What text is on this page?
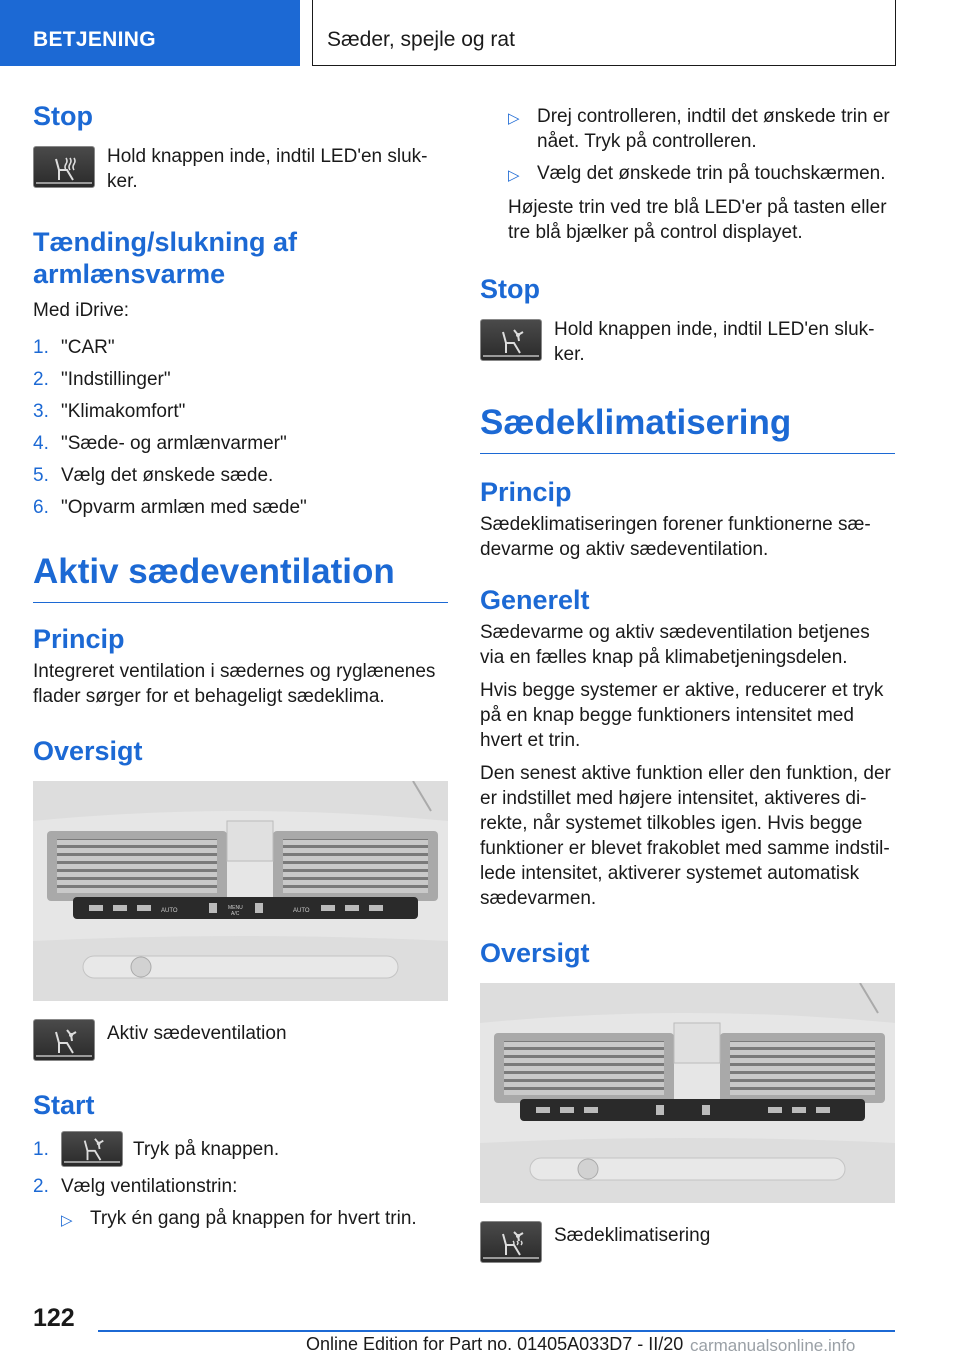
BETJENING	Sæder, spejle og rat
Stop
Hold knappen inde, indtil LED'en sluk-ker.
Tænding/slukning af armlænsvarme
Med iDrive:
1. "CAR"
2. "Indstillinger"
3. "Klimakomfort"
4. "Sæde- og armlænvarmer"
5. Vælg det ønskede sæde.
6. "Opvarm armlæn med sæde"
Aktiv sædeventilation
Princip
Integreret ventilation i sædernes og ryglænenes flader sørger for et behageligt sædeklima.
Oversigt
AUTO	MENU
A/C	AUTO
Aktiv sædeventilation
Start
1.	Tryk på knappen.
2. Vælg ventilationstrin:
▷ Tryk én gang på knappen for hvert trin.
▷ Drej controlleren, indtil det ønskede trin er nået. Tryk på controlleren.
▷ Vælg det ønskede trin på touchskærmen.
Højeste trin ved tre blå LED'er på tasten eller tre blå bjælker på control displayet.
Stop
Hold knappen inde, indtil LED'en sluk-ker.
Sædeklimatisering
Princip
Sædeklimatiseringen forener funktionerne sæ-devarme og aktiv sædeventilation.
Generelt
Sædevarme og aktiv sædeventilation betjenes via en fælles knap på klimabetjeningsdelen.
Hvis begge systemer er aktive, reducerer et tryk på en knap begge funktioners intensitet med hvert et trin.
Den senest aktive funktion eller den funktion, der er indstillet med højere intensitet, aktiveres di-rekte, når systemet tilkobles igen. Hvis begge funktioner er blevet frakoblet med samme indstil-lede intensitet, aktiverer systemet automatisk sædevarmen.
Oversigt
Sædeklimatisering
122
Online Edition for Part no. 01405A033D7 - II/20 carmanualsonline.info
